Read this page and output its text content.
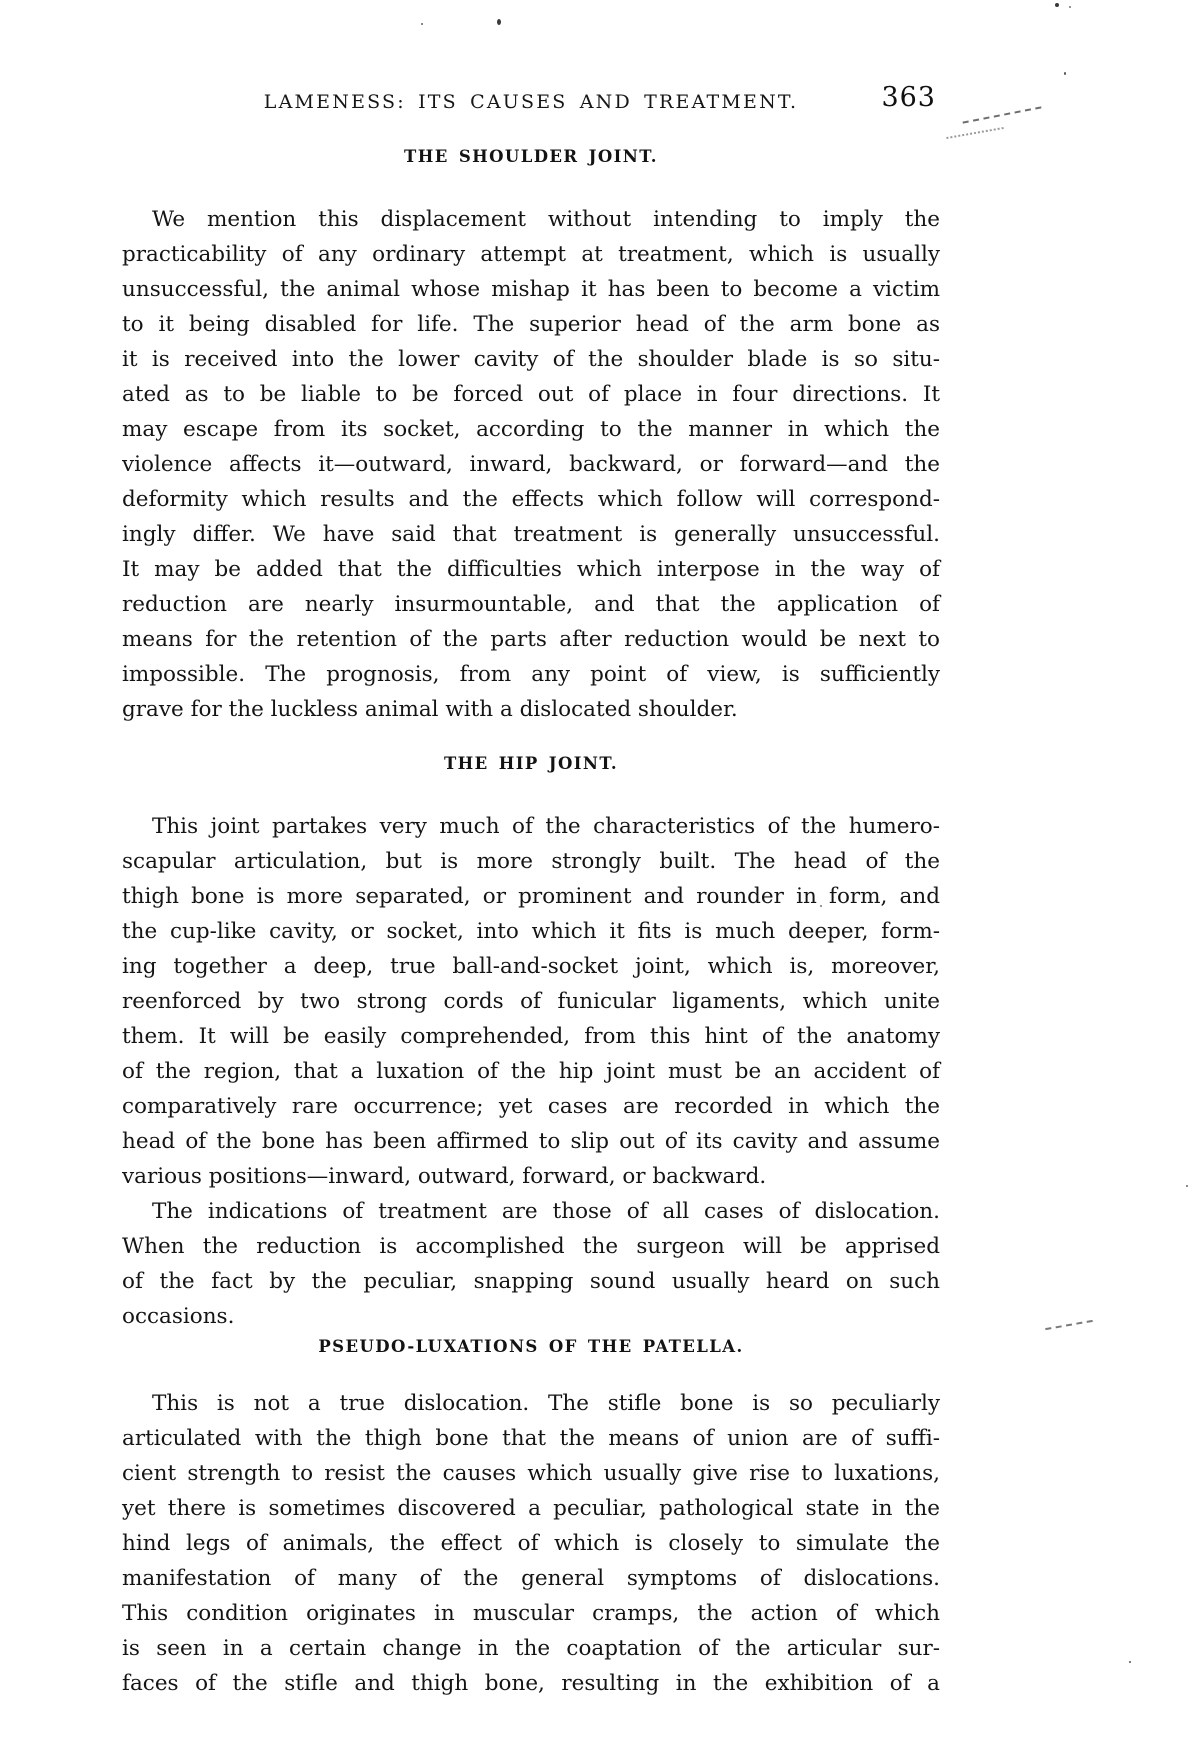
LAMENESS: ITS CAUSES AND TREATMENT.	363
THE SHOULDER JOINT.
We mention this displacement without intending to imply the
practicability of any ordinary attempt at treatment, which is usually
unsuccessful, the animal whose mishap it has been to become a victim
to it being disabled for life. The superior head of the arm bone as
it is received into the lower cavity of the shoulder blade is so situ-
ated as to be liable to be forced out of place in four directions. It
may escape from its socket, according to the manner in which the
violence affects it—outward, inward, backward, or forward—and the
deformity which results and the effects which follow will correspond-
ingly differ. We have said that treatment is generally unsuccessful.
It may be added that the difficulties which interpose in the way of
reduction are nearly insurmountable, and that the application of
means for the retention of the parts after reduction would be next to
impossible. The prognosis, from any point of view, is sufficiently
grave for the luckless animal with a dislocated shoulder.
THE HIP JOINT.
This joint partakes very much of the characteristics of the humero-
scapular articulation, but is more strongly built. The head of the
thigh bone is more separated, or prominent and rounder in form, and
the cup-like cavity, or socket, into which it fits is much deeper, form-
ing together a deep, true ball-and-socket joint, which is, moreover,
reenforced by two strong cords of funicular ligaments, which unite
them. It will be easily comprehended, from this hint of the anatomy
of the region, that a luxation of the hip joint must be an accident of
comparatively rare occurrence; yet cases are recorded in which the
head of the bone has been affirmed to slip out of its cavity and assume
various positions—inward, outward, forward, or backward.
The indications of treatment are those of all cases of dislocation.
When the reduction is accomplished the surgeon will be apprised
of the fact by the peculiar, snapping sound usually heard on such
occasions.
PSEUDO-LUXATIONS OF THE PATELLA.
This is not a true dislocation. The stifle bone is so peculiarly
articulated with the thigh bone that the means of union are of suffi-
cient strength to resist the causes which usually give rise to luxations,
yet there is sometimes discovered a peculiar, pathological state in the
hind legs of animals, the effect of which is closely to simulate the
manifestation of many of the general symptoms of dislocations.
This condition originates in muscular cramps, the action of which
is seen in a certain change in the coaptation of the articular sur-
faces of the stifle and thigh bone, resulting in the exhibition of a
